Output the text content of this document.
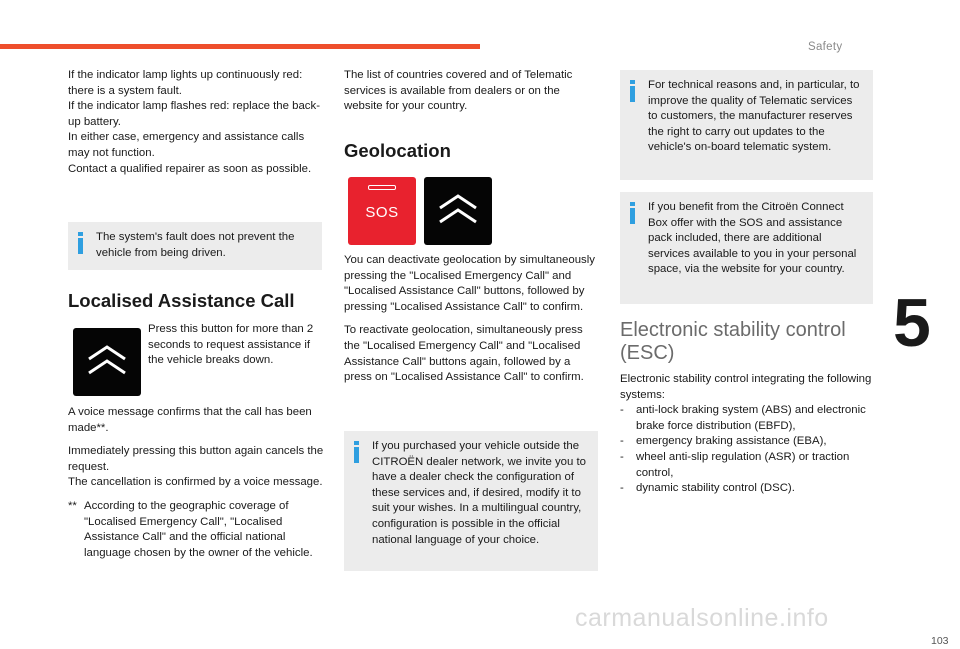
Safety
5
103
carmanualsonline.info
If the indicator lamp lights up continuously red: there is a system fault.
If the indicator lamp flashes red: replace the back-up battery.
In either case, emergency and assistance calls may not function.
Contact a qualified repairer as soon as possible.
The system's fault does not prevent the vehicle from being driven.
Localised Assistance Call
Press this button for more than 2 seconds to request assistance if the vehicle breaks down.

A voice message confirms that the call has been made**.

Immediately pressing this button again cancels the request.

The cancellation is confirmed by a voice message.

** According to the geographic coverage of "Localised Emergency Call", "Localised Assistance Call" and the official national language chosen by the owner of the vehicle.
The list of countries covered and of Telematic services is available from dealers or on the website for your country.
Geolocation
SOS

You can deactivate geolocation by simultaneously pressing the "Localised Emergency Call" and "Localised Assistance Call" buttons, followed by pressing "Localised Assistance Call" to confirm.

To reactivate geolocation, simultaneously press the "Localised Emergency Call" and "Localised Assistance Call" buttons again, followed by a press on "Localised Assistance Call" to confirm.

If you purchased your vehicle outside the CITROËN dealer network, we invite you to have a dealer check the configuration of these services and, if desired, modify it to suit your wishes. In a multilingual country, configuration is possible in the official national language of your choice.
For technical reasons and, in particular, to improve the quality of Telematic services to customers, the manufacturer reserves the right to carry out updates to the vehicle's on-board telematic system.
If you benefit from the Citroën Connect Box offer with the SOS and assistance pack included, there are additional services available to you in your personal space, via the website for your country.
Electronic stability control (ESC)
Electronic stability control integrating the following systems:
- anti-lock braking system (ABS) and electronic brake force distribution (EBFD),
- emergency braking assistance (EBA),
- wheel anti-slip regulation (ASR) or traction control,
- dynamic stability control (DSC).
